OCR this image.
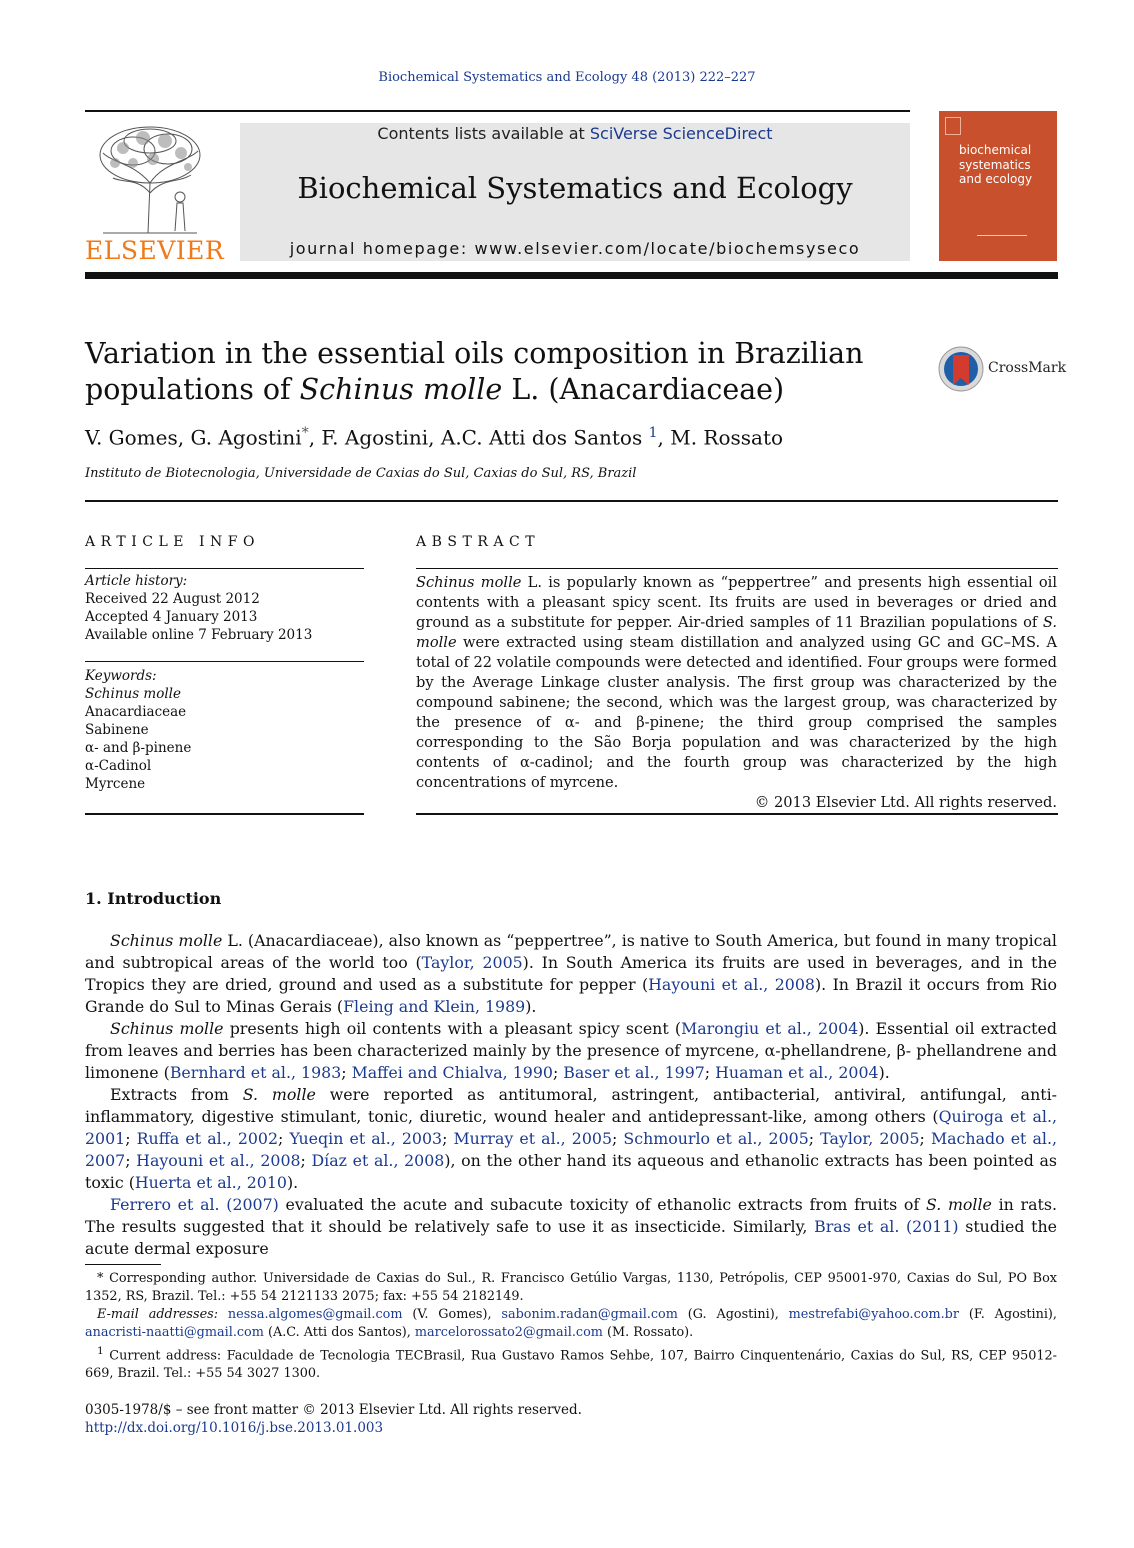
Biochemical Systematics and Ecology 48 (2013) 222–227
ELSEVIER
Contents lists available at SciVerse ScienceDirect
Biochemical Systematics and Ecology
journal homepage: www.elsevier.com/locate/biochemsyseco
biochemical systematics and ecology
Variation in the essential oils composition in Brazilian
populations of Schinus molle L. (Anacardiaceae)
CrossMark
V. Gomes, G. Agostini*, F. Agostini, A.C. Atti dos Santos $^1$, M. Rossato
Instituto de Biotecnologia, Universidade de Caxias do Sul, Caxias do Sul, RS, Brazil
ARTICLE INFO
Article history:
Received 22 August 2012
Accepted 4 January 2013
Available online 7 February 2013
Keywords:
Schinus molle
Anacardiaceae
Sabinene
α- and β-pinene
α-Cadinol
Myrcene
ABSTRACT
Schinus molle L. is popularly known as “peppertree” and presents high essential oil contents with a pleasant spicy scent. Its fruits are used in beverages or dried and ground as a substitute for pepper. Air-dried samples of 11 Brazilian populations of S. molle were extracted using steam distillation and analyzed using GC and GC–MS. A total of 22 volatile compounds were detected and identified. Four groups were formed by the Average Linkage cluster analysis. The first group was characterized by the compound sabinene; the second, which was the largest group, was characterized by the presence of α- and β-pinene; the third group comprised the samples corresponding to the São Borja population and was characterized by the high contents of α-cadinol; and the fourth group was characterized by the high concentrations of myrcene.
© 2013 Elsevier Ltd. All rights reserved.
1. Introduction

Schinus molle L. (Anacardiaceae), also known as “peppertree”, is native to South America, but found in many tropical and subtropical areas of the world too (Taylor, 2005). In South America its fruits are used in beverages, and in the Tropics they are dried, ground and used as a substitute for pepper (Hayouni et al., 2008). In Brazil it occurs from Rio Grande do Sul to Minas Gerais (Fleing and Klein, 1989).

Schinus molle presents high oil contents with a pleasant spicy scent (Marongiu et al., 2004). Essential oil extracted from leaves and berries has been characterized mainly by the presence of myrcene, α-phellandrene, β- phellandrene and limonene (Bernhard et al., 1983; Maffei and Chialva, 1990; Baser et al., 1997; Huaman et al., 2004).

Extracts from S. molle were reported as antitumoral, astringent, antibacterial, antiviral, antifungal, anti-inflammatory, digestive stimulant, tonic, diuretic, wound healer and antidepressant-like, among others (Quiroga et al., 2001; Ruffa et al., 2002; Yueqin et al., 2003; Murray et al., 2005; Schmourlo et al., 2005; Taylor, 2005; Machado et al., 2007; Hayouni et al., 2008; Díaz et al., 2008), on the other hand its aqueous and ethanolic extracts has been pointed as toxic (Huerta et al., 2010).

Ferrero et al. (2007) evaluated the acute and subacute toxicity of ethanolic extracts from fruits of S. molle in rats. The results suggested that it should be relatively safe to use it as insecticide. Similarly, Bras et al. (2011) studied the acute dermal exposure

* Corresponding author. Universidade de Caxias do Sul., R. Francisco Getúlio Vargas, 1130, Petrópolis, CEP 95001-970, Caxias do Sul, PO Box 1352, RS, Brazil. Tel.: +55 54 2121133 2075; fax: +55 54 2182149.

E-mail addresses: nessa.algomes@gmail.com (V. Gomes), sabonim.radan@gmail.com (G. Agostini), mestrefabi@yahoo.com.br (F. Agostini), anacristi-naatti@gmail.com (A.C. Atti dos Santos), marcelorossato2@gmail.com (M. Rossato).

$^1$ Current address: Faculdade de Tecnologia TECBrasil, Rua Gustavo Ramos Sehbe, 107, Bairro Cinquentenário, Caxias do Sul, RS, CEP 95012-669, Brazil. Tel.: +55 54 3027 1300.

0305-1978/$ – see front matter © 2013 Elsevier Ltd. All rights reserved.
http://dx.doi.org/10.1016/j.bse.2013.01.003
